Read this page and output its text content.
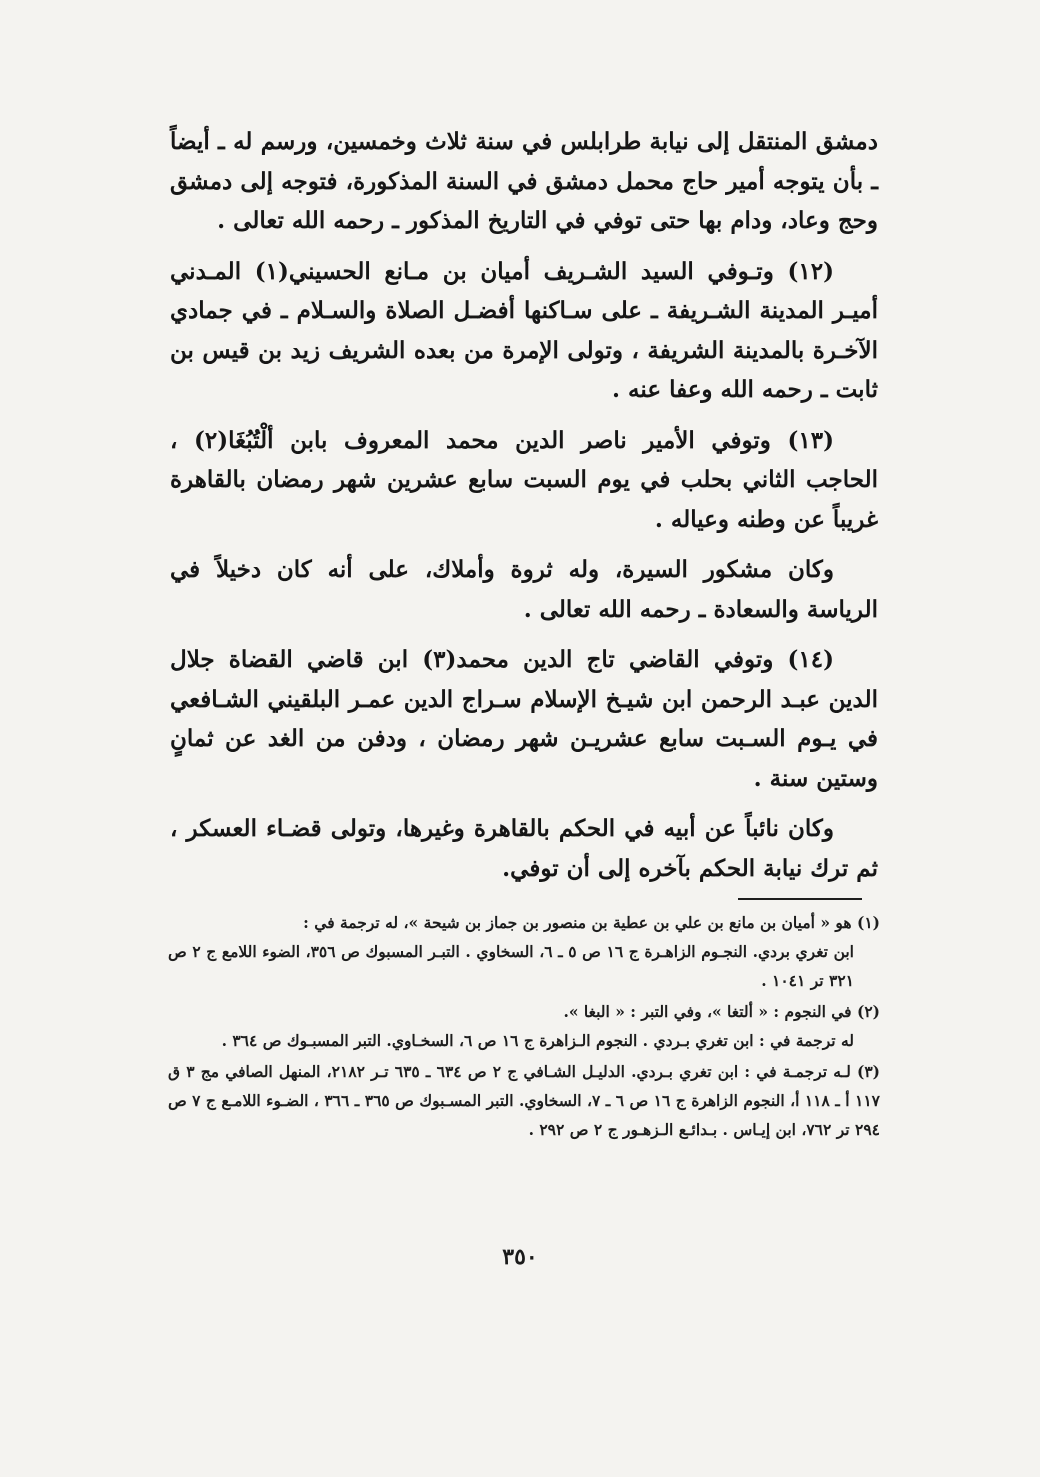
دمشق المنتقل إلى نيابة طرابلس في سنة ثلاث وخمسين، ورسم له ـ أيضاً ـ بأن يتوجه أمير حاج محمل دمشق في السنة المذكورة، فتوجه إلى دمشق وحج وعاد، ودام بها حتى توفي في التاريخ المذكور ـ رحمه الله تعالى .

(١٢) وتـوفي السيد الشـريف أميان بن مـانع الحسيني(١) المـدني أميـر المدينة الشـريفة ـ على سـاكنها أفضـل الصلاة والسـلام ـ في جمادي الآخـرة بالمدينة الشريفة ، وتولى الإمرة من بعده الشريف زيد بن قيس بن ثابت ـ رحمه الله وعفا عنه .

(١٣) وتوفي الأمير ناصر الدين محمد المعروف بابن ألْتُبُغَا(٢) ، الحاجب الثاني بحلب في يوم السبت سابع عشرين شهر رمضان بالقاهرة غريباً عن وطنه وعياله .

وكان مشكور السيرة، وله ثروة وأملاك، على أنه كان دخيلاً في الرياسة والسعادة ـ رحمه الله تعالى .

(١٤) وتوفي القاضي تاج الدين محمد(٣) ابن قاضي القضاة جلال الدين عبـد الرحمن ابن شيـخ الإسلام سـراج الدين عمـر البلقيني الشـافعي في يـوم السـبت سابع عشريـن شهر رمضان ، ودفن من الغد عن ثمانٍ وستين سنة .

وكان نائباً عن أبيه في الحكم بالقاهرة وغيرها، وتولى قضـاء العسكر ، ثم ترك نيابة الحكم بآخره إلى أن توفي.

(١) هو « أميان بن مانع بن علي بن عطية بن منصور بن جماز بن شيحة »، له ترجمة في :
ابن تغري بردي. النجـوم الزاهـرة ج ١٦ ص ٥ ـ ٦، السخاوي . التبـر المسبوك ص ٣٥٦، الضوء اللامع ج ٢ ص ٣٢١ تر ١٠٤١ .

(٢) في النجوم : « ألتغا »، وفي التبر : « البغا ».
له ترجمة في : ابن تغري بـردي . النجوم الـزاهرة ج ١٦ ص ٦، السخـاوي. التبر المسبـوك ص ٣٦٤ .

(٣) لـه ترجمـة في : ابن تغري بـردي. الدليـل الشـافي ج ٢ ص ٦٣٤ ـ ٦٣٥ تـر ٢١٨٢، المنهل الصافي مج ٣ ق ١١٧ أ ـ ١١٨ أ، النجوم الزاهرة ج ١٦ ص ٦ ـ ٧، السخاوي. التبر المسـبوك ص ٣٦٥ ـ ٣٦٦ ، الضـوء اللامـع ج ٧ ص ٢٩٤ تر ٧٦٢، ابن إيـاس . بـدائـع الـزهـور ج ٢ ص ٢٩٢ .

٣٥٠
